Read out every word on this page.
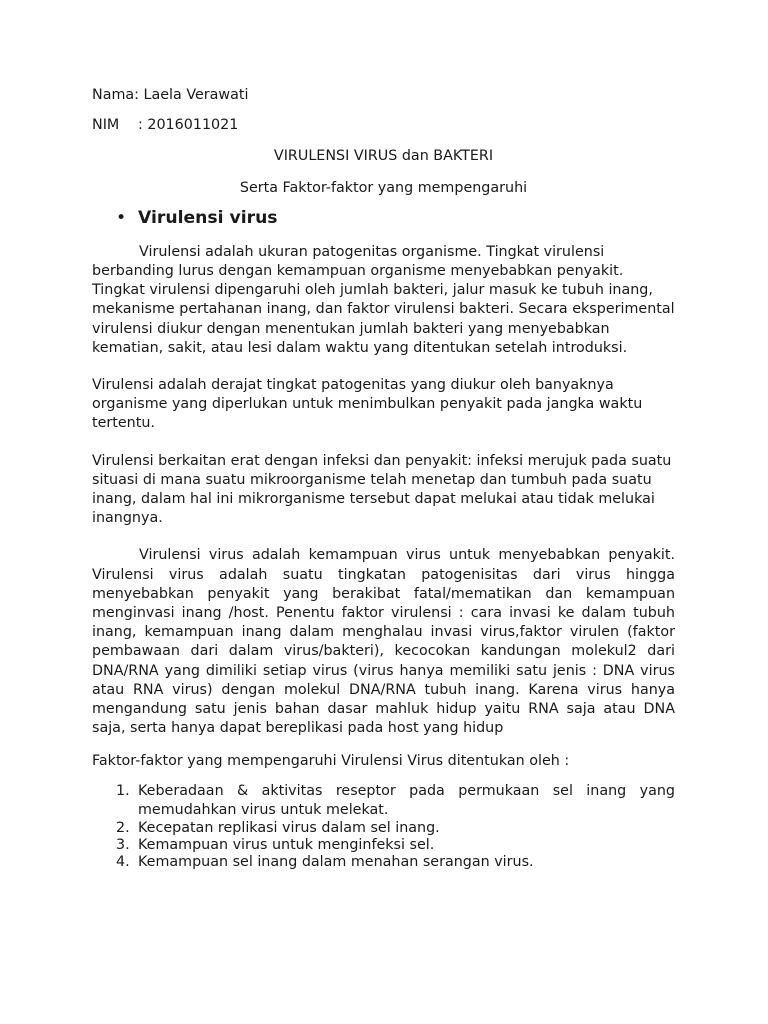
Nama: Laela Verawati

NIM : 2016011021

VIRULENSI VIRUS dan BAKTERI

Serta Faktor-faktor yang mempengaruhi

• Virulensi virus

Virulensi adalah ukuran patogenitas organisme. Tingkat virulensi berbanding lurus dengan kemampuan organisme menyebabkan penyakit. Tingkat virulensi dipengaruhi oleh jumlah bakteri, jalur masuk ke tubuh inang, mekanisme pertahanan inang, dan faktor virulensi bakteri. Secara eksperimental virulensi diukur dengan menentukan jumlah bakteri yang menyebabkan kematian, sakit, atau lesi dalam waktu yang ditentukan setelah introduksi.

Virulensi adalah derajat tingkat patogenitas yang diukur oleh banyaknya organisme yang diperlukan untuk menimbulkan penyakit pada jangka waktu tertentu.

Virulensi berkaitan erat dengan infeksi dan penyakit: infeksi merujuk pada suatu situasi di mana suatu mikroorganisme telah menetap dan tumbuh pada suatu inang, dalam hal ini mikrorganisme tersebut dapat melukai atau tidak melukai inangnya.

Virulensi virus adalah kemampuan virus untuk menyebabkan penyakit. Virulensi virus adalah suatu tingkatan patogenisitas dari virus hingga menyebabkan penyakit yang berakibat fatal/mematikan dan kemampuan menginvasi inang /host. Penentu faktor virulensi : cara invasi ke dalam tubuh inang, kemampuan inang dalam menghalau invasi virus,faktor virulen (faktor pembawaan dari dalam virus/bakteri), kecocokan kandungan molekul2 dari DNA/RNA yang dimiliki setiap virus (virus hanya memiliki satu jenis : DNA virus atau RNA virus) dengan molekul DNA/RNA tubuh inang. Karena virus hanya mengandung satu jenis bahan dasar mahluk hidup yaitu RNA saja atau DNA saja, serta hanya dapat bereplikasi pada host yang hidup

Faktor-faktor yang mempengaruhi Virulensi Virus ditentukan oleh :

1. Keberadaan & aktivitas reseptor pada permukaan sel inang yang memudahkan virus untuk melekat.
2. Kecepatan replikasi virus dalam sel inang.
3. Kemampuan virus untuk menginfeksi sel.
4. Kemampuan sel inang dalam menahan serangan virus.
